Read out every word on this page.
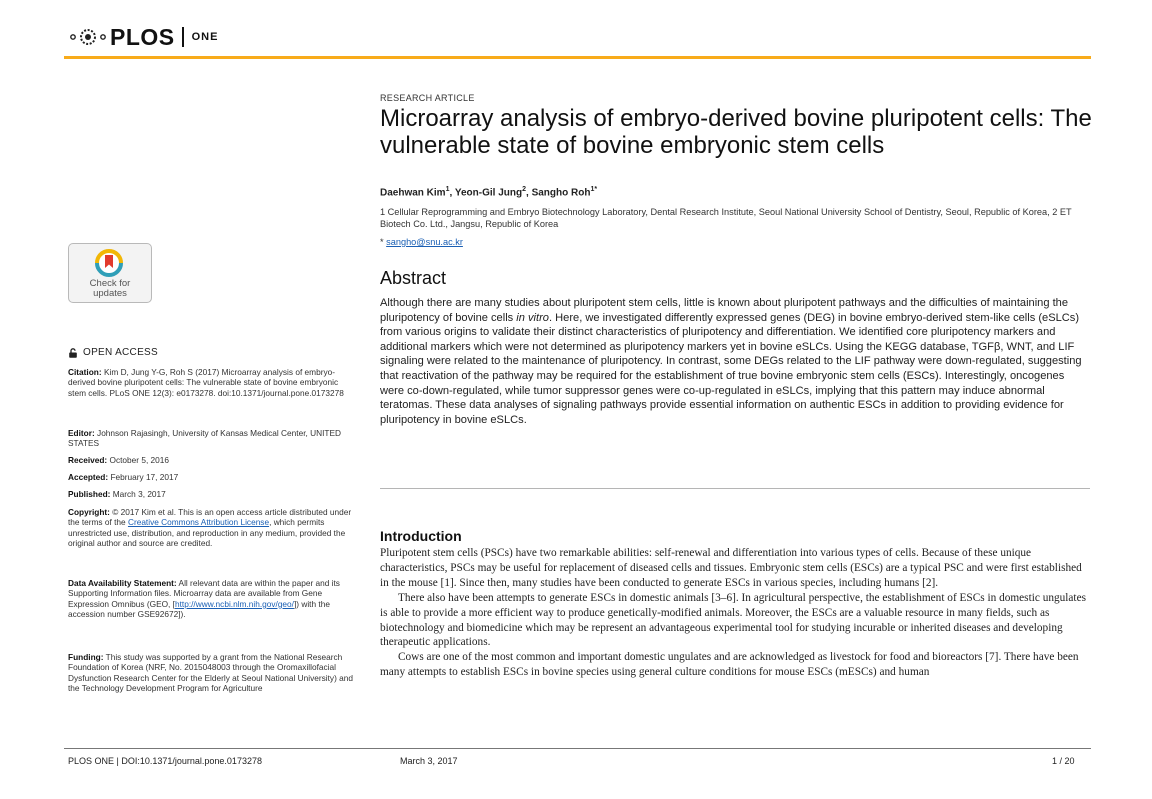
PLOS ONE
Check for
updates
OPEN ACCESS
Citation: Kim D, Jung Y-G, Roh S (2017) Microarray analysis of embryo-derived bovine pluripotent cells: The vulnerable state of bovine embryonic stem cells. PLoS ONE 12(3): e0173278. doi:10.1371/journal.pone.0173278
Editor: Johnson Rajasingh, University of Kansas Medical Center, UNITED STATES
Received: October 5, 2016
Accepted: February 17, 2017
Published: March 3, 2017
Copyright: © 2017 Kim et al. This is an open access article distributed under the terms of the Creative Commons Attribution License, which permits unrestricted use, distribution, and reproduction in any medium, provided the original author and source are credited.
Data Availability Statement: All relevant data are within the paper and its Supporting Information files. Microarray data are available from Gene Expression Omnibus (GEO, [http://www.ncbi.nlm.nih.gov/geo/]) with the accession number GSE92672]).
Funding: This study was supported by a grant from the National Research Foundation of Korea (NRF, No. 2015048003 through the Oromaxillofacial Dysfunction Research Center for the Elderly at Seoul National University) and the Technology Development Program for Agriculture
RESEARCH ARTICLE
Microarray analysis of embryo-derived bovine pluripotent cells: The vulnerable state of bovine embryonic stem cells
Daehwan Kim$^1$, Yeon-Gil Jung$^2$, Sangho Roh$^{1*}$
1 Cellular Reprogramming and Embryo Biotechnology Laboratory, Dental Research Institute, Seoul National University School of Dentistry, Seoul, Republic of Korea, 2 ET Biotech Co. Ltd., Jangsu, Republic of Korea
* sangho@snu.ac.kr
Abstract

Although there are many studies about pluripotent stem cells, little is known about pluripotent pathways and the difficulties of maintaining the pluripotency of bovine cells in vitro. Here, we investigated differently expressed genes (DEG) in bovine embryo-derived stem-like cells (eSLCs) from various origins to validate their distinct characteristics of pluripotency and differentiation. We identified core pluripotency markers and additional markers which were not determined as pluripotency markers yet in bovine eSLCs. Using the KEGG database, TGFβ, WNT, and LIF signaling were related to the maintenance of pluripotency. In contrast, some DEGs related to the LIF pathway were down-regulated, suggesting that reactivation of the pathway may be required for the establishment of true bovine embryonic stem cells (ESCs). Interestingly, oncogenes were co-down-regulated, while tumor suppressor genes were co-up-regulated in eSLCs, implying that this pattern may induce abnormal teratomas. These data analyses of signaling pathways provide essential information on authentic ESCs in addition to providing evidence for pluripotency in bovine eSLCs.

Introduction

Pluripotent stem cells (PSCs) have two remarkable abilities: self-renewal and differentiation into various types of cells. Because of these unique characteristics, PSCs may be useful for replacement of diseased cells and tissues. Embryonic stem cells (ESCs) are a typical PSC and were first established in the mouse [1]. Since then, many studies have been conducted to generate ESCs in various species, including humans [2].

There also have been attempts to generate ESCs in domestic animals [3–6]. In agricultural perspective, the establishment of ESCs in domestic ungulates is able to provide a more efficient way to produce genetically-modified animals. Moreover, the ESCs are a valuable resource in many fields, such as biotechnology and biomedicine which may be represent an advantageous experimental tool for studying incurable or inherited diseases and developing therapeutic applications.

Cows are one of the most common and important domestic ungulates and are acknowledged as livestock for food and bioreactors [7]. There have been many attempts to establish ESCs in bovine species using general culture conditions for mouse ESCs (mESCs) and human

PLOS ONE | DOI:10.1371/journal.pone.0173278	March 3, 2017	1 / 20
